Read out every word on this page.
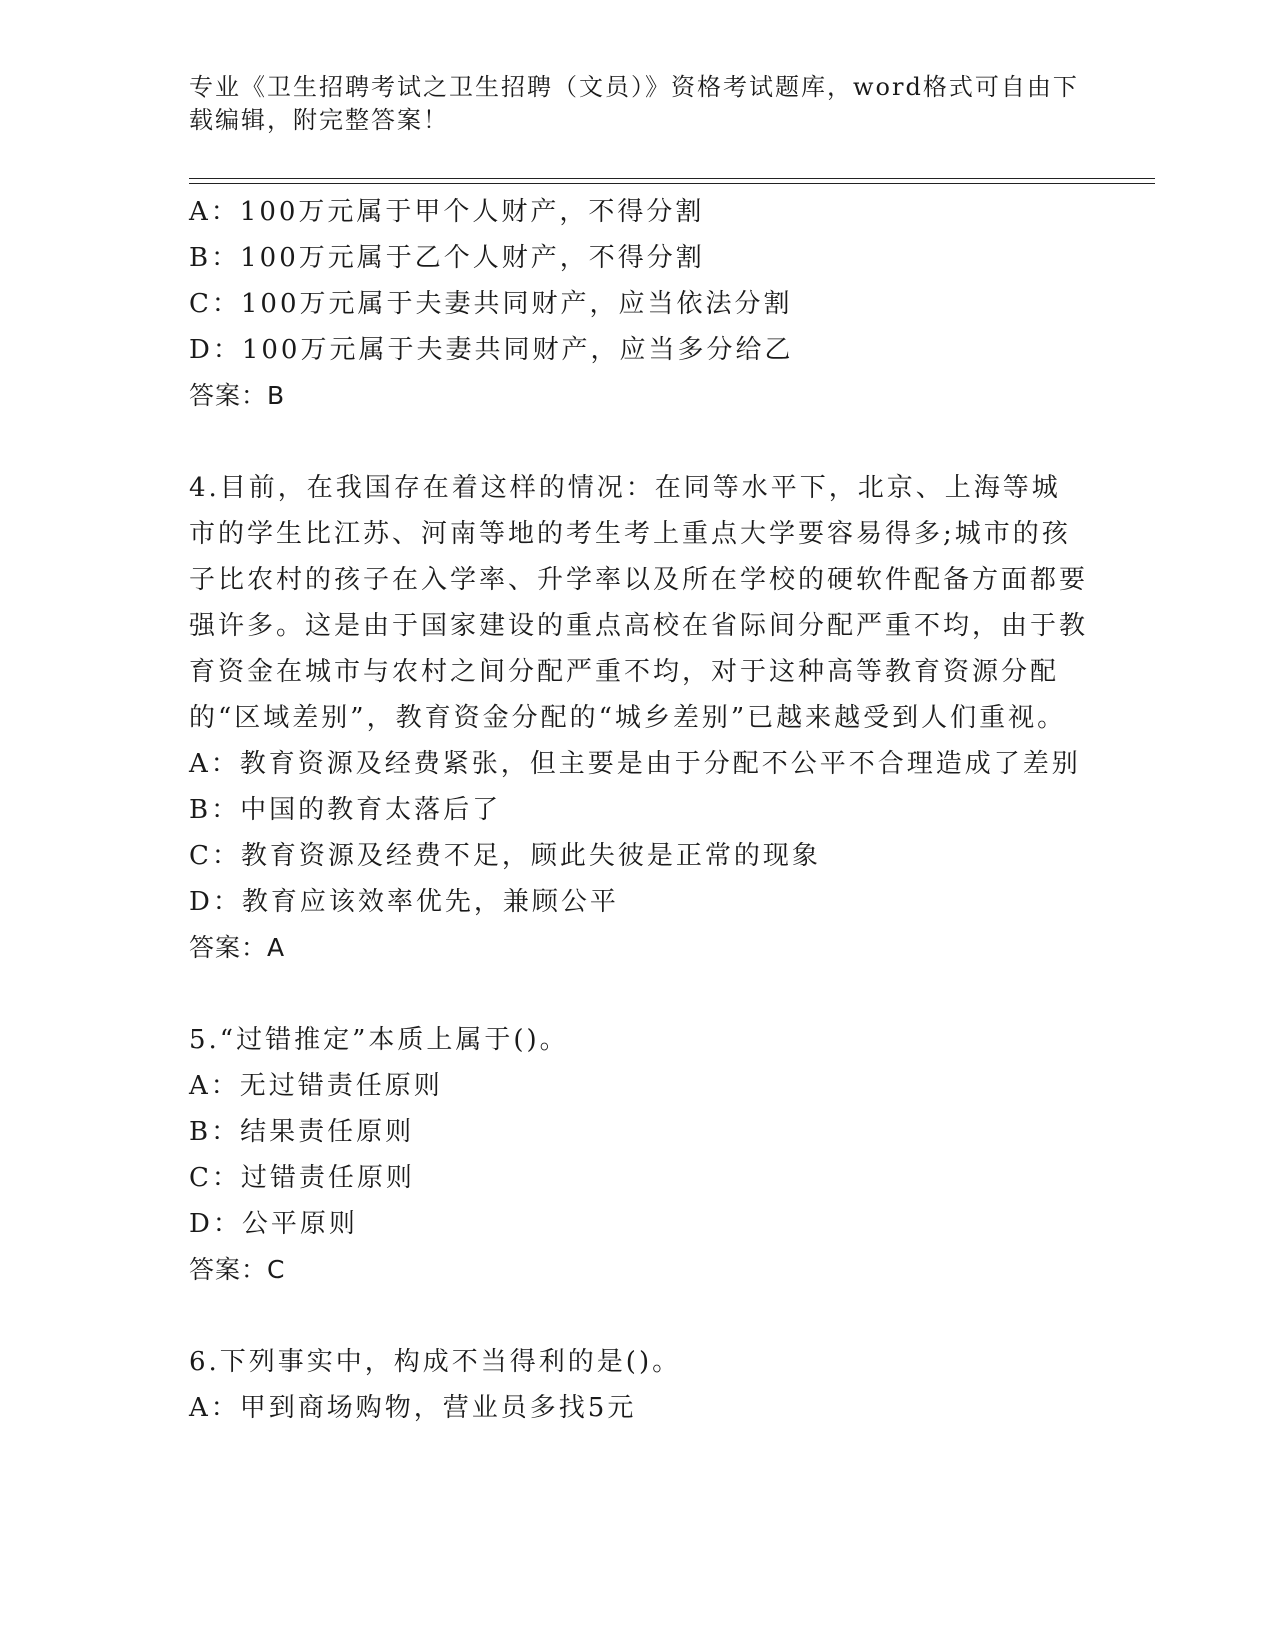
专业《卫生招聘考试之卫生招聘（文员）》资格考试题库，word格式可自由下载编辑，附完整答案！
A：100万元属于甲个人财产，不得分割
B：100万元属于乙个人财产，不得分割
C：100万元属于夫妻共同财产，应当依法分割
D：100万元属于夫妻共同财产，应当多分给乙
答案：B
4.目前，在我国存在着这样的情况：在同等水平下，北京、上海等城市的学生比江苏、河南等地的考生考上重点大学要容易得多;城市的孩子比农村的孩子在入学率、升学率以及所在学校的硬软件配备方面都要强许多。这是由于国家建设的重点高校在省际间分配严重不均，由于教育资金在城市与农村之间分配严重不均，对于这种高等教育资源分配的“区域差别”，教育资金分配的“城乡差别”已越来越受到人们重视。
A：教育资源及经费紧张，但主要是由于分配不公平不合理造成了差别
B：中国的教育太落后了
C：教育资源及经费不足，顾此失彼是正常的现象
D：教育应该效率优先，兼顾公平
答案：A
5.“过错推定”本质上属于()。
A：无过错责任原则
B：结果责任原则
C：过错责任原则
D：公平原则
答案：C
6.下列事实中，构成不当得利的是()。
A：甲到商场购物，营业员多找5元
